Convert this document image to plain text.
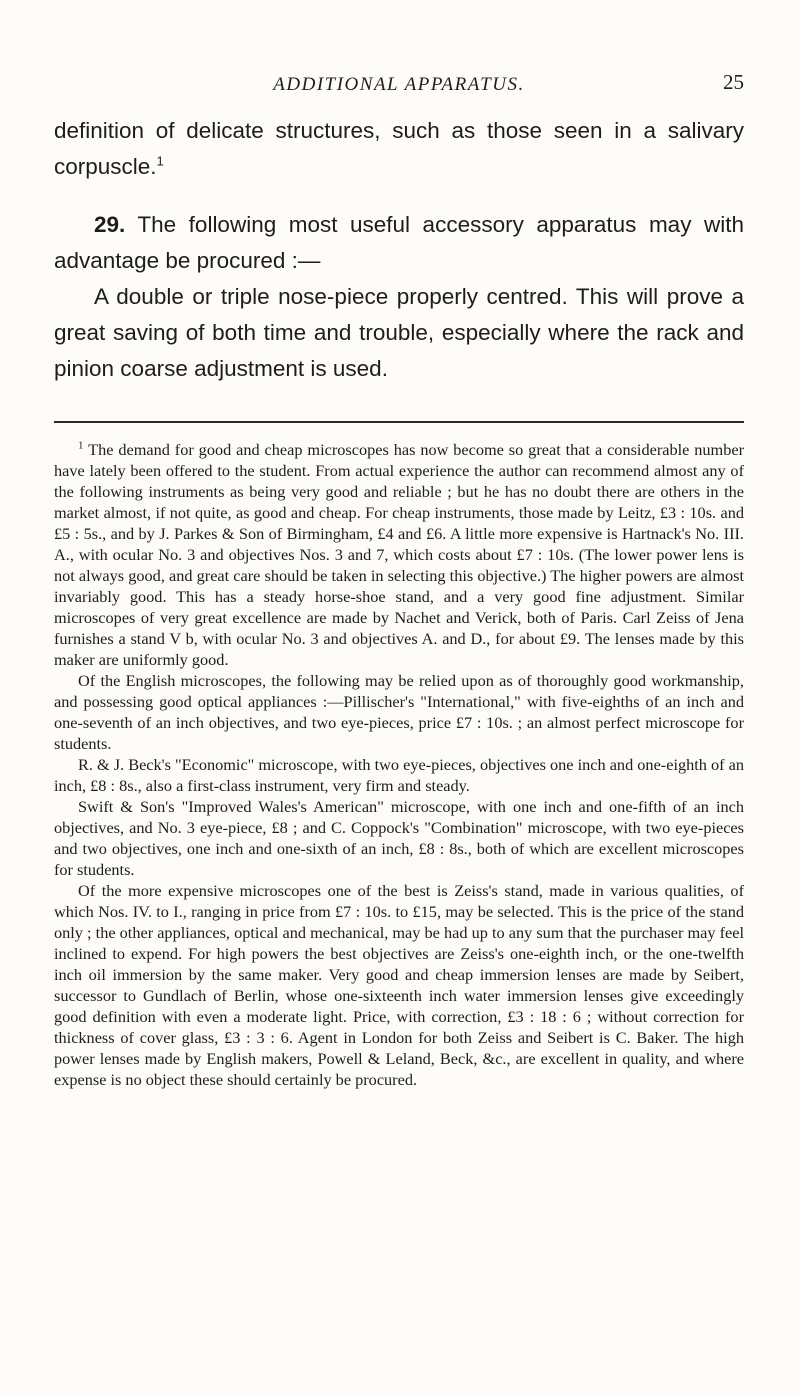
ADDITIONAL APPARATUS.	25

definition of delicate structures, such as those seen in a salivary corpuscle.$^1$

29. The following most useful accessory apparatus may with advantage be procured :—

A double or triple nose-piece properly centred. This will prove a great saving of both time and trouble, especially where the rack and pinion coarse adjustment is used.

$^1$ The demand for good and cheap microscopes has now become so great that a considerable number have lately been offered to the student. From actual experience the author can recommend almost any of the following instruments as being very good and reliable ; but he has no doubt there are others in the market almost, if not quite, as good and cheap. For cheap instruments, those made by Leitz, £3 : 10s. and £5 : 5s., and by J. Parkes & Son of Birmingham, £4 and £6. A little more expensive is Hartnack's No. III. A., with ocular No. 3 and objectives Nos. 3 and 7, which costs about £7 : 10s. (The lower power lens is not always good, and great care should be taken in selecting this objective.) The higher powers are almost invariably good. This has a steady horse-shoe stand, and a very good fine adjustment. Similar microscopes of very great excellence are made by Nachet and Verick, both of Paris. Carl Zeiss of Jena furnishes a stand V b, with ocular No. 3 and objectives A. and D., for about £9. The lenses made by this maker are uniformly good.

Of the English microscopes, the following may be relied upon as of thoroughly good workmanship, and possessing good optical appliances :—Pillischer's "International," with five-eighths of an inch and one-seventh of an inch objectives, and two eye-pieces, price £7 : 10s. ; an almost perfect microscope for students.

R. & J. Beck's "Economic" microscope, with two eye-pieces, objectives one inch and one-eighth of an inch, £8 : 8s., also a first-class instrument, very firm and steady.

Swift & Son's "Improved Wales's American" microscope, with one inch and one-fifth of an inch objectives, and No. 3 eye-piece, £8 ; and C. Coppock's "Combination" microscope, with two eye-pieces and two objectives, one inch and one-sixth of an inch, £8 : 8s., both of which are excellent microscopes for students.

Of the more expensive microscopes one of the best is Zeiss's stand, made in various qualities, of which Nos. IV. to I., ranging in price from £7 : 10s. to £15, may be selected. This is the price of the stand only ; the other appliances, optical and mechanical, may be had up to any sum that the purchaser may feel inclined to expend. For high powers the best objectives are Zeiss's one-eighth inch, or the one-twelfth inch oil immersion by the same maker. Very good and cheap immersion lenses are made by Seibert, successor to Gundlach of Berlin, whose one-sixteenth inch water immersion lenses give exceedingly good definition with even a moderate light. Price, with correction, £3 : 18 : 6 ; without correction for thickness of cover glass, £3 : 3 : 6. Agent in London for both Zeiss and Seibert is C. Baker. The high power lenses made by English makers, Powell & Leland, Beck, &c., are excellent in quality, and where expense is no object these should certainly be procured.
